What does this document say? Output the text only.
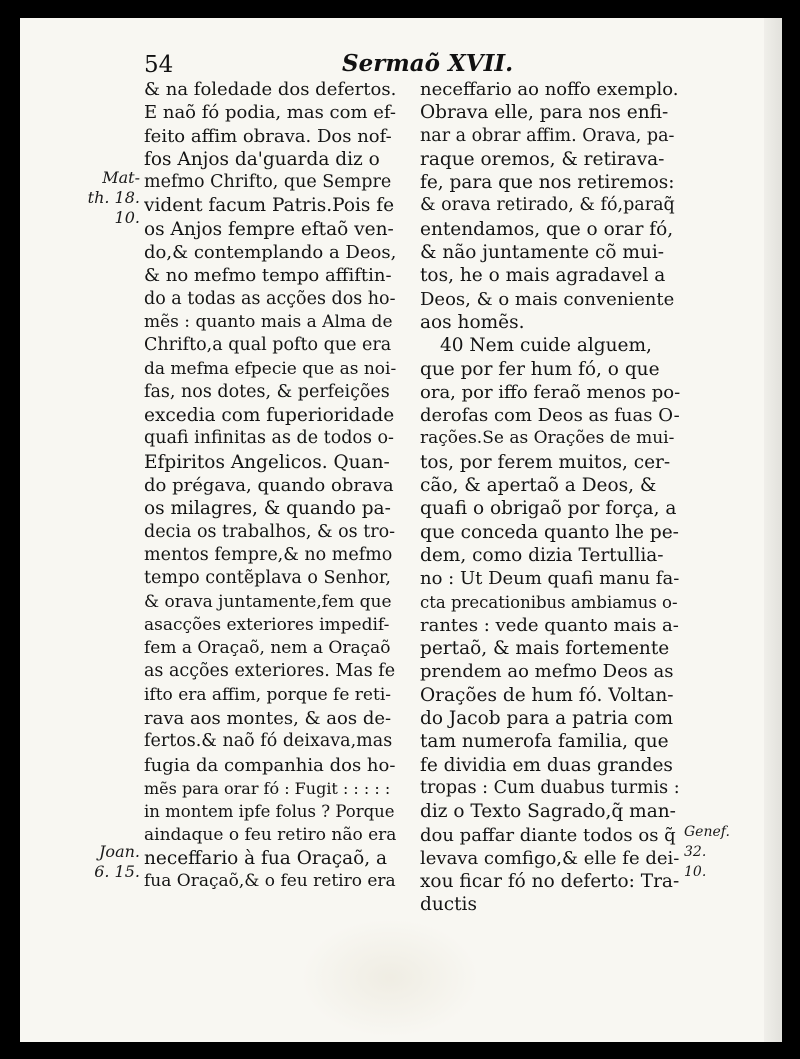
54	Sermaõ XVII.
Mat-
th. 18.
10.
Joan.
6. 15.
Genef.
32.
10.
& na foledade dos defertos.
E naõ fó podia, mas com ef-
feito affim obrava. Dos nof-
fos Anjos da'guarda diz o
mefmo Chrifto, que Sempre
vident facum Patris.Pois fe
os Anjos fempre eftaõ ven-
do,& contemplando a Deos,
& no mefmo tempo affiftin-
do a todas as acções dos ho-
mẽs : quanto mais a Alma de
Chrifto,a qual pofto que era
da mefma efpecie que as noi-
fas, nos dotes, & perfeições
excedia com fuperioridade
quafi infinitas as de todos o-
Efpiritos Angelicos. Quan-
do prégava, quando obrava
os milagres, & quando pa-
decia os trabalhos, & os tro-
mentos fempre,& no mefmo
tempo contẽplava o Senhor,
& orava juntamente,fem que
asacções exteriores impedif-
fem a Oraçaõ, nem a Oraçaõ
as acções exteriores. Mas fe
ifto era affim, porque fe reti-
rava aos montes, & aos de-
fertos.& naõ fó deixava,mas
fugia da companhia dos ho-
mẽs para orar fó : Fugit : : : : :
in montem ipfe folus ? Porque
aindaque o feu retiro não era
neceffario à fua Oraçaõ, a
fua Oraçaõ,& o feu retiro era
neceffario ao noffo exemplo.
Obrava elle, para nos enfi-
nar a obrar affim. Orava, pa-
raque oremos, & retirava-
fe, para que nos retiremos:
& orava retirado, & fó,paraq̃
entendamos, que o orar fó,
& não juntamente cõ mui-
tos, he o mais agradavel a
Deos, & o mais conveniente
aos homẽs.
40 Nem cuide alguem,
que por fer hum fó, o que
ora, por iffo feraõ menos po-
derofas com Deos as fuas O-
rações.Se as Orações de mui-
tos, por ferem muitos, cer-
cão, & apertaõ a Deos, &
quafi o obrigaõ por força, a
que conceda quanto lhe pe-
dem, como dizia Tertullia-
no : Ut Deum quafi manu fa-
cta precationibus ambiamus o-
rantes : vede quanto mais a-
pertaõ, & mais fortemente
prendem ao mefmo Deos as
Orações de hum fó. Voltan-
do Jacob para a patria com
tam numerofa familia, que
fe dividia em duas grandes
tropas : Cum duabus turmis :
diz o Texto Sagrado,q̃ man-
dou paffar diante todos os q̃
levava comfigo,& elle fe dei-
xou ficar fó no deferto: Tra-
ductis
